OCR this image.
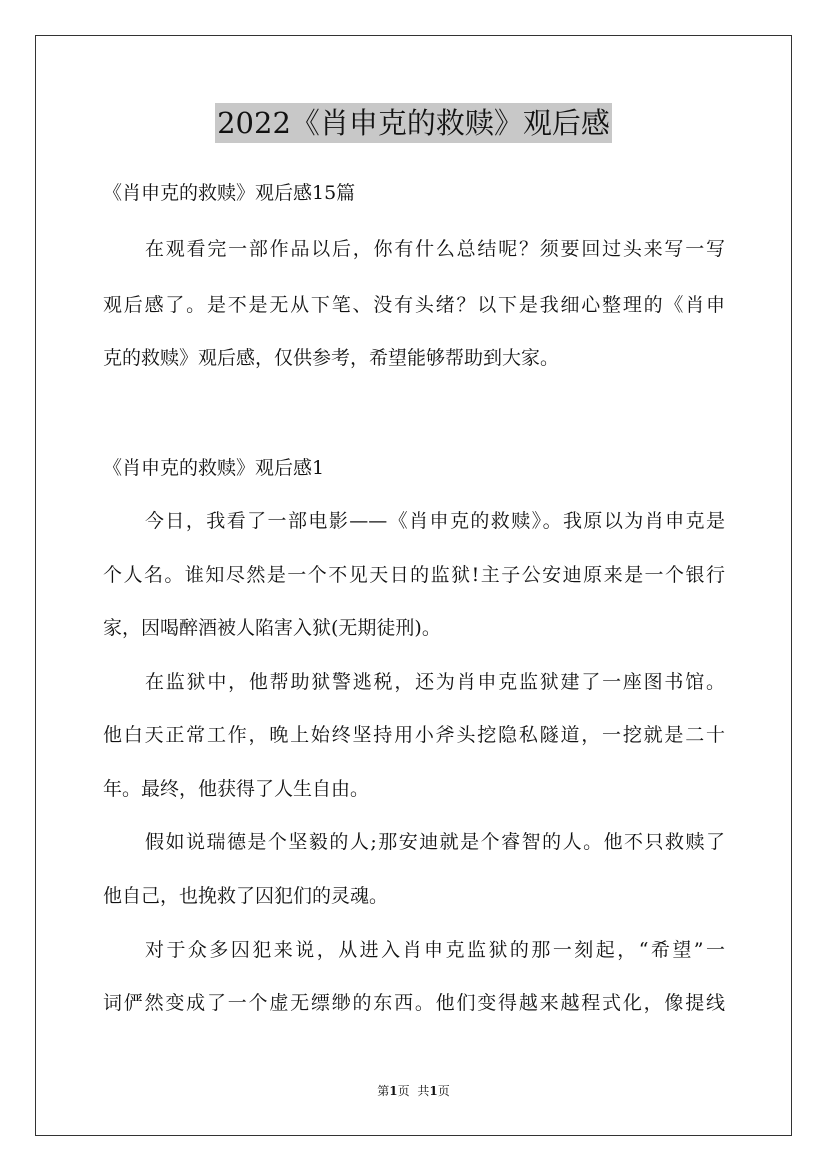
2022《肖申克的救赎》观后感
《肖申克的救赎》观后感15篇
在观看完一部作品以后，你有什么总结呢？须要回过头来写一写
观后感了。是不是无从下笔、没有头绪？以下是我细心整理的《肖申
克的救赎》观后感，仅供参考，希望能够帮助到大家。
《肖申克的救赎》观后感1
今日，我看了一部电影——《肖申克的救赎》。我原以为肖申克是
个人名。谁知尽然是一个不见天日的监狱!主子公安迪原来是一个银行
家，因喝醉酒被人陷害入狱(无期徒刑)。
在监狱中，他帮助狱警逃税，还为肖申克监狱建了一座图书馆。
他白天正常工作，晚上始终坚持用小斧头挖隐私隧道，一挖就是二十
年。最终，他获得了人生自由。
假如说瑞德是个坚毅的人;那安迪就是个睿智的人。他不只救赎了
他自己，也挽救了囚犯们的灵魂。
对于众多囚犯来说，从进入肖申克监狱的那一刻起，“希望”一
词俨然变成了一个虚无缥缈的东西。他们变得越来越程式化，像提线
第1页 共1页
